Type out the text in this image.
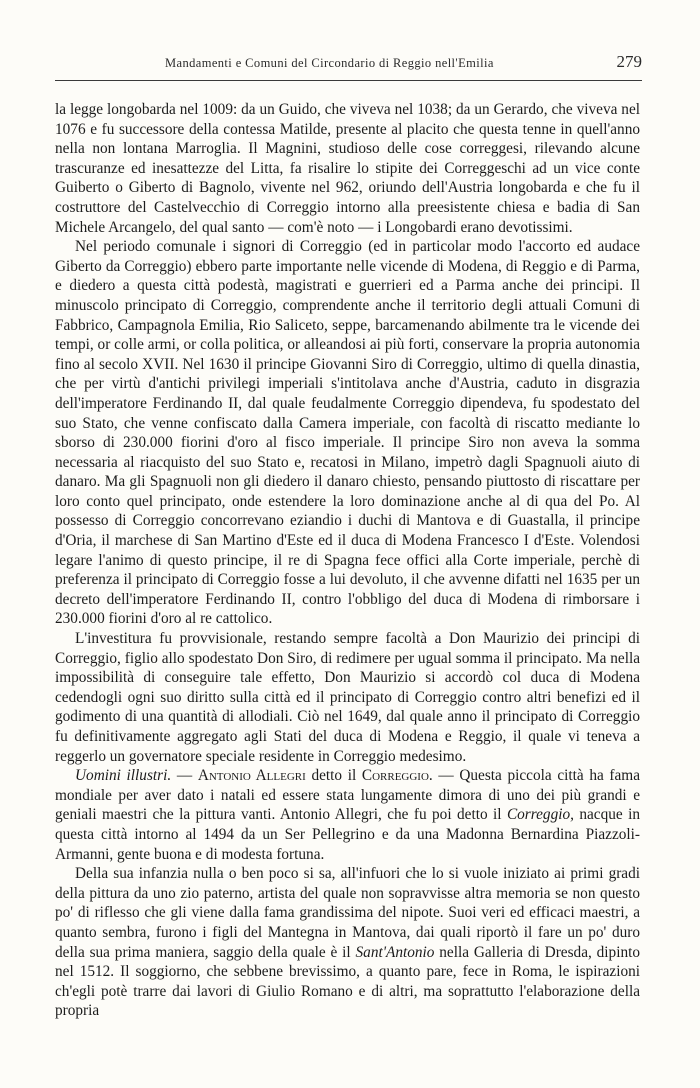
Mandamenti e Comuni del Circondario di Reggio nell'Emilia	279

la legge longobarda nel 1009: da un Guido, che viveva nel 1038; da un Gerardo, che viveva nel 1076 e fu successore della contessa Matilde, presente al placito che questa tenne in quell'anno nella non lontana Marroglia. Il Magnini, studioso delle cose correggesi, rilevando alcune trascuranze ed inesattezze del Litta, fa risalire lo stipite dei Correggeschi ad un vice conte Guiberto o Giberto di Bagnolo, vivente nel 962, oriundo dell'Austria longobarda e che fu il costruttore del Castelvecchio di Correggio intorno alla preesistente chiesa e badia di San Michele Arcangelo, del qual santo — com'è noto — i Longobardi erano devotissimi.

Nel periodo comunale i signori di Correggio (ed in particolar modo l'accorto ed audace Giberto da Correggio) ebbero parte importante nelle vicende di Modena, di Reggio e di Parma, e diedero a questa città podestà, magistrati e guerrieri ed a Parma anche dei principi. Il minuscolo principato di Correggio, comprendente anche il territorio degli attuali Comuni di Fabbrico, Campagnola Emilia, Rio Saliceto, seppe, barcamenando abilmente tra le vicende dei tempi, or colle armi, or colla politica, or alleandosi ai più forti, conservare la propria autonomia fino al secolo XVII. Nel 1630 il principe Giovanni Siro di Correggio, ultimo di quella dinastia, che per virtù d'antichi privilegi imperiali s'intitolava anche d'Austria, caduto in disgrazia dell'imperatore Ferdinando II, dal quale feudalmente Correggio dipendeva, fu spodestato del suo Stato, che venne confiscato dalla Camera imperiale, con facoltà di riscatto mediante lo sborso di 230.000 fiorini d'oro al fisco imperiale. Il principe Siro non aveva la somma necessaria al riacquisto del suo Stato e, recatosi in Milano, impetrò dagli Spagnuoli aiuto di danaro. Ma gli Spagnuoli non gli diedero il danaro chiesto, pensando piuttosto di riscattare per loro conto quel principato, onde estendere la loro dominazione anche al di qua del Po. Al possesso di Correggio concorrevano eziandio i duchi di Mantova e di Guastalla, il principe d'Oria, il marchese di San Martino d'Este ed il duca di Modena Francesco I d'Este. Volendosi legare l'animo di questo principe, il re di Spagna fece offici alla Corte imperiale, perchè di preferenza il principato di Correggio fosse a lui devoluto, il che avvenne difatti nel 1635 per un decreto dell'imperatore Ferdinando II, contro l'obbligo del duca di Modena di rimborsare i 230.000 fiorini d'oro al re cattolico.

L'investitura fu provvisionale, restando sempre facoltà a Don Maurizio dei principi di Correggio, figlio allo spodestato Don Siro, di redimere per ugual somma il principato. Ma nella impossibilità di conseguire tale effetto, Don Maurizio si accordò col duca di Modena cedendogli ogni suo diritto sulla città ed il principato di Correggio contro altri benefizi ed il godimento di una quantità di allodiali. Ciò nel 1649, dal quale anno il principato di Correggio fu definitivamente aggregato agli Stati del duca di Modena e Reggio, il quale vi teneva a reggerlo un governatore speciale residente in Correggio medesimo.

Uomini illustri. — Antonio Allegri detto il Correggio. — Questa piccola città ha fama mondiale per aver dato i natali ed essere stata lungamente dimora di uno dei più grandi e geniali maestri che la pittura vanti. Antonio Allegri, che fu poi detto il Correggio, nacque in questa città intorno al 1494 da un Ser Pellegrino e da una Madonna Bernardina Piazzoli-Armanni, gente buona e di modesta fortuna.

Della sua infanzia nulla o ben poco si sa, all'infuori che lo si vuole iniziato ai primi gradi della pittura da uno zio paterno, artista del quale non sopravvisse altra memoria se non questo po' di riflesso che gli viene dalla fama grandissima del nipote. Suoi veri ed efficaci maestri, a quanto sembra, furono i figli del Mantegna in Mantova, dai quali riportò il fare un po' duro della sua prima maniera, saggio della quale è il Sant'Antonio nella Galleria di Dresda, dipinto nel 1512. Il soggiorno, che sebbene brevissimo, a quanto pare, fece in Roma, le ispirazioni ch'egli potè trarre dai lavori di Giulio Romano e di altri, ma soprattutto l'elaborazione della propria
